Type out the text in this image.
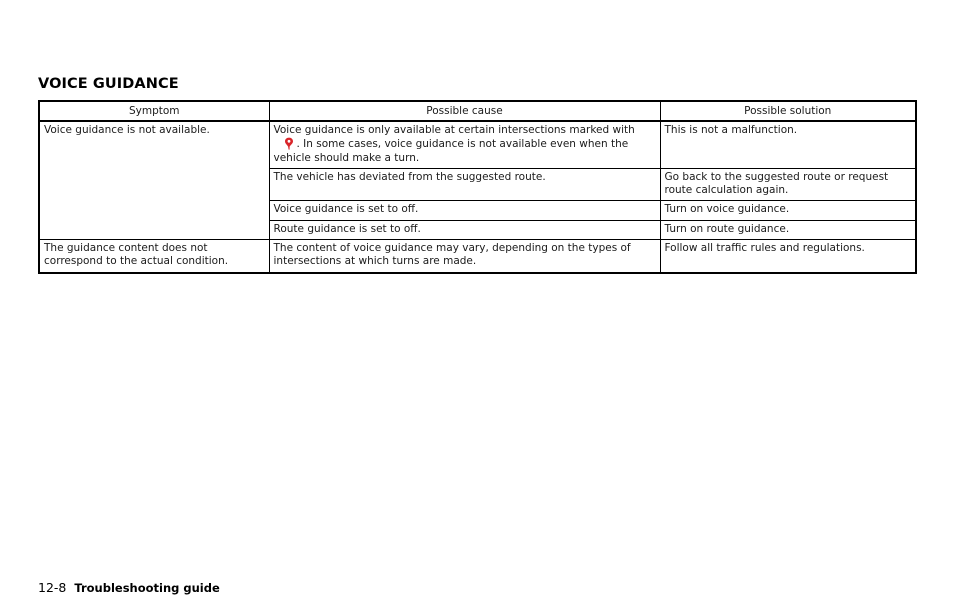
VOICE GUIDANCE
Symptom	Possible cause	Possible solution
Voice guidance is not available.	Voice guidance is only available at certain intersections marked with. In some cases, voice guidance is not available even when the vehicle should make a turn.	This is not a malfunction.
	The vehicle has deviated from the suggested route.	Go back to the suggested route or request route calculation again.
	Voice guidance is set to off.	Turn on voice guidance.
	Route guidance is set to off.	Turn on route guidance.
The guidance content does not correspond to the actual condition.	The content of voice guidance may vary, depending on the types of intersections at which turns are made.	Follow all traffic rules and regulations.
12-8 Troubleshooting guide
